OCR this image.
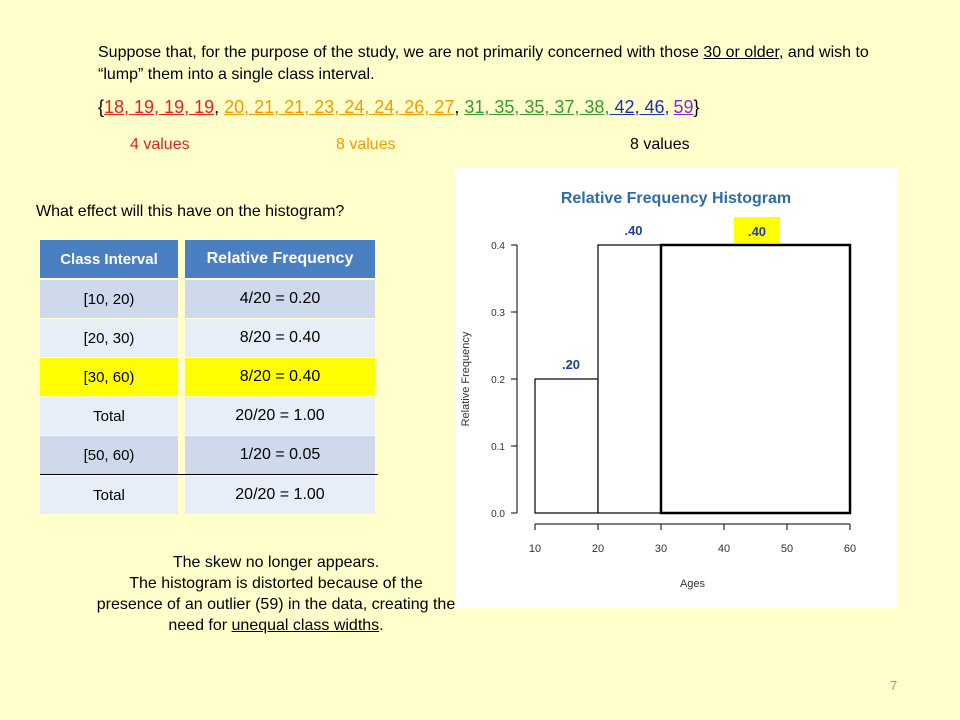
Suppose that, for the purpose of the study, we are not primarily concerned with those 30 or older, and wish to “lump” them into a single class interval.
{18, 19, 19, 19, 20, 21, 21, 23, 24, 24, 26, 27, 31, 35, 35, 37, 38, 42, 46, 59}
4 values	8 values	8 values
What effect will this have on the histogram?
Class Interval	Relative Frequency
[10, 20)	4/20 = 0.20
[20, 30)	8/20 = 0.40
[30, 60)	8/20 = 0.40
Total	20/20 = 1.00
[50, 60)	1/20 = 0.05
Total	20/20 = 1.00
The skew no longer appears.
The histogram is distorted because of the presence of an outlier (59) in the data, creating the need for unequal class widths.
Relative Frequency Histogram
0.0
0.1
0.2
0.3
0.4
Relative Frequency
10	20	30	40	50	60
Ages
.20
.40	.40
7
